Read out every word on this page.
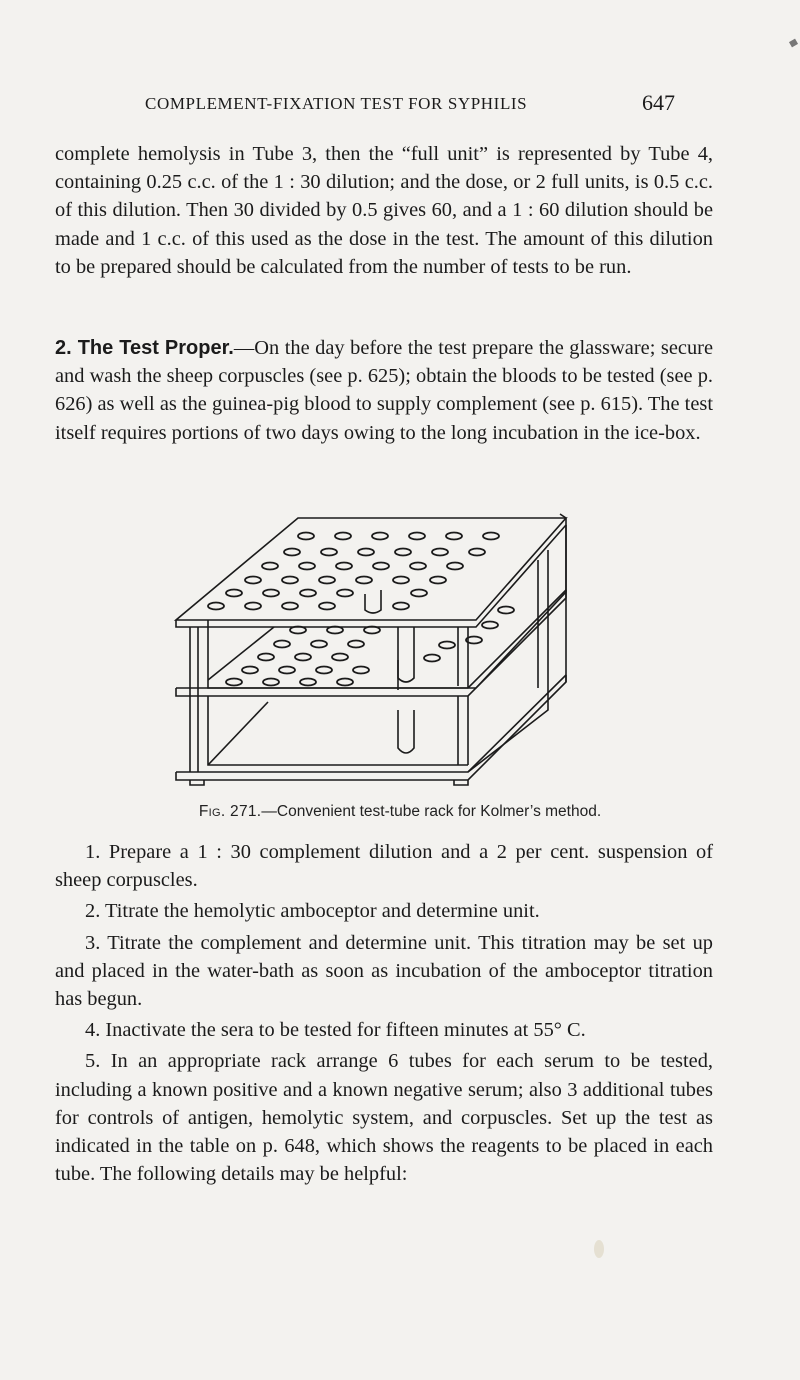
COMPLEMENT-FIXATION TEST FOR SYPHILIS	647

complete hemolysis in Tube 3, then the “full unit” is represented by Tube 4, containing 0.25 c.c. of the 1 : 30 dilution; and the dose, or 2 full units, is 0.5 c.c. of this dilution. Then 30 divided by 0.5 gives 60, and a 1 : 60 dilution should be made and 1 c.c. of this used as the dose in the test. The amount of this dilution to be prepared should be calculated from the number of tests to be run.

2. The Test Proper.—On the day before the test prepare the glassware; secure and wash the sheep corpuscles (see p. 625); obtain the bloods to be tested (see p. 626) as well as the guinea-pig blood to supply complement (see p. 615). The test itself requires portions of two days owing to the long incubation in the ice-box.

Fig. 271.—Convenient test-tube rack for Kolmer’s method.
1. Prepare a 1 : 30 complement dilution and a 2 per cent. suspension of sheep corpuscles.
2. Titrate the hemolytic amboceptor and determine unit.
3. Titrate the complement and determine unit. This titration may be set up and placed in the water-bath as soon as incubation of the amboceptor titration has begun.
4. Inactivate the sera to be tested for fifteen minutes at 55° C.
5. In an appropriate rack arrange 6 tubes for each serum to be tested, including a known positive and a known negative serum; also 3 additional tubes for controls of antigen, hemolytic system, and corpuscles. Set up the test as indicated in the table on p. 648, which shows the reagents to be placed in each tube. The following details may be helpful:
